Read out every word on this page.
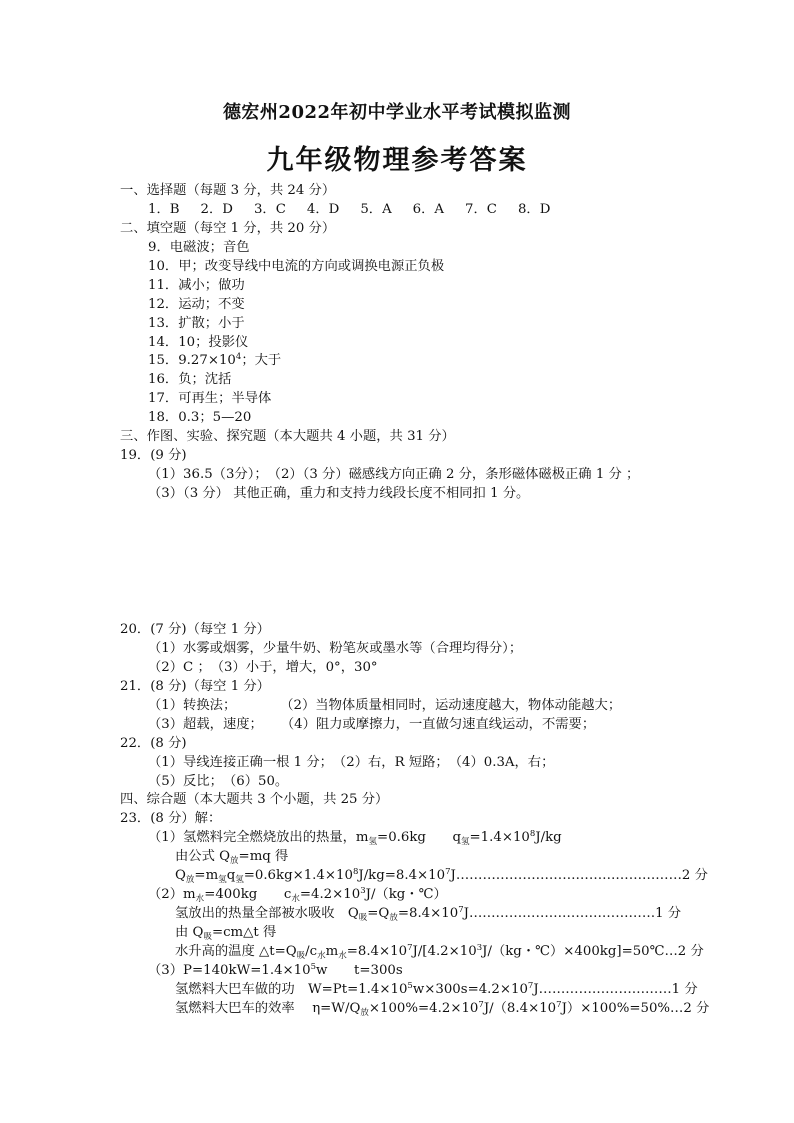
德宏州2022年初中学业水平考试模拟监测
九年级物理参考答案
一、选择题（每题 3 分，共 24 分）
1．B 2．D 3．C 4．D 5．A 6．A 7．C 8．D
二、填空题（每空 1 分，共 20 分）
9．电磁波；音色
10．甲；改变导线中电流的方向或调换电源正负极
11．减小；做功
12．运动；不变
13．扩散；小于
14．10；投影仪
15．$9.27\times 10^4$；大于
16．负；沈括
17．可再生；半导体
18．0.3；5—20
三、作图、实验、探究题（本大题共 4 小题，共 31 分）
19．(9 分)
（1）36.5（3分）；　（2）（3 分）磁感线方向正确 2 分，条形磁体磁极正确 1 分 ；
（3）（3 分） 其他正确，重力和支持力线段长度不相同扣 1 分。
20．(7 分)（每空 1 分）
（1）水雾或烟雾，少量牛奶、粉笔灰或墨水等（合理均得分）；
（2）C ；　（3）小于，增大，0°，30°
21．(8 分)（每空 1 分）
（1）转换法；	（2）当物体质量相同时，运动速度越大，物体动能越大；
（3）超载，速度； （4）阻力或摩擦力，一直做匀速直线运动，不需要；
22．(8 分)
（1）导线连接正确一根 1 分；　（2）右，R 短路；　（4）0.3A，右；
（5）反比；　（6）50。
四、综合题（本大题共 3 个小题，共 25 分）
23．(8 分）解：
（1）氢燃料完全燃烧放出的热量，$m_氢=0.6kg$　　$q_氢=1.4\times 10^8J/kg$
由公式 $Q_放=mq$ 得
$Q_放=m_氢q_氢=0.6kg\times 1.4\times 10^8J/kg=8.4\times 10^7J\dots\dots\dots\dots\dots\dots\dots\dots\dots\dots\dots\dots\dots\dots\dots\dots\dots 2$ 分
$(2)m_水=400kg$　　$c_水=4.2\times 10^3J/(kg$・℃）
氢放出的热量全部被水吸收　$Q_吸=Q_放=8.4\times 10^7J\dots\dots\dots\dots\dots\dots\dots\dots\dots\dots\dots\dots\dots\dots 1$ 分
由 $Q_吸=cm\triangle t$ 得
水升高的温度 $\triangle t=Q_吸/c_水m_水=8.4\times 10^7J/[4.2\times 10^3J/(kg$・℃）×400kg]=50℃…2 分
$(3)P=140kW=1.4\times 10^5w$　　t=300s
氢燃料大巴车做的功　$W=Pt=1.4\times 10^5w\times 300s=4.2\times 10^7J\dots\dots\dots\dots\dots\dots\dots\dots\dots\dots 1$ 分
氢燃料大巴车的效率　 $\eta=W/Q_放\times 100\%=4.2\times 10^7J/(8.4\times 10^7J)\times 100\%=50\%\dots 2$ 分
